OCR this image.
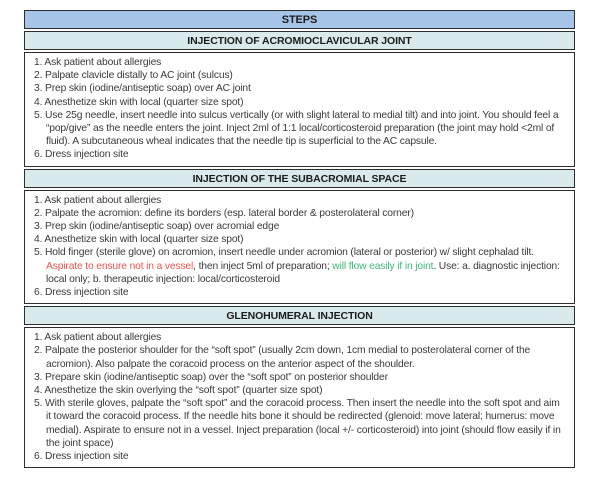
STEPS
INJECTION OF ACROMIOCLAVICULAR JOINT
1. Ask patient about allergies
2. Palpate clavicle distally to AC joint (sulcus)
3. Prep skin (iodine/antiseptic soap) over AC joint
4. Anesthetize skin with local (quarter size spot)
5. Use 25g needle, insert needle into sulcus vertically (or with slight lateral to medial tilt) and into joint. You should feel a “pop/give” as the needle enters the joint. Inject 2ml of 1:1 local/corticosteroid preparation (the joint may hold <2ml of fluid). A subcutaneous wheal indicates that the needle tip is superficial to the AC capsule.
6. Dress injection site
INJECTION OF THE SUBACROMIAL SPACE
1. Ask patient about allergies
2. Palpate the acromion: define its borders (esp. lateral border & posterolateral corner)
3. Prep skin (iodine/antiseptic soap) over acromial edge
4. Anesthetize skin with local (quarter size spot)
5. Hold finger (sterile glove) on acromion, insert needle under acromion (lateral or posterior) w/ slight cephalad tilt. Aspirate to ensure not in a vessel, then inject 5ml of preparation; will flow easily if in joint. Use: a. diagnostic injection: local only; b. therapeutic injection: local/corticosteroid
6. Dress injection site
GLENOHUMERAL INJECTION
1. Ask patient about allergies
2. Palpate the posterior shoulder for the “soft spot” (usually 2cm down, 1cm medial to posterolateral corner of the acromion). Also palpate the coracoid process on the anterior aspect of the shoulder.
3. Prepare skin (iodine/antiseptic soap) over the “soft spot” on posterior shoulder
4. Anesthetize the skin overlying the “soft spot” (quarter size spot)
5. With sterile gloves, palpate the “soft spot” and the coracoid process. Then insert the needle into the soft spot and aim it toward the coracoid process. If the needle hits bone it should be redirected (glenoid: move lateral; humerus: move medial). Aspirate to ensure not in a vessel. Inject preparation (local +/- corticosteroid) into joint (should flow easily if in the joint space)
6. Dress injection site
